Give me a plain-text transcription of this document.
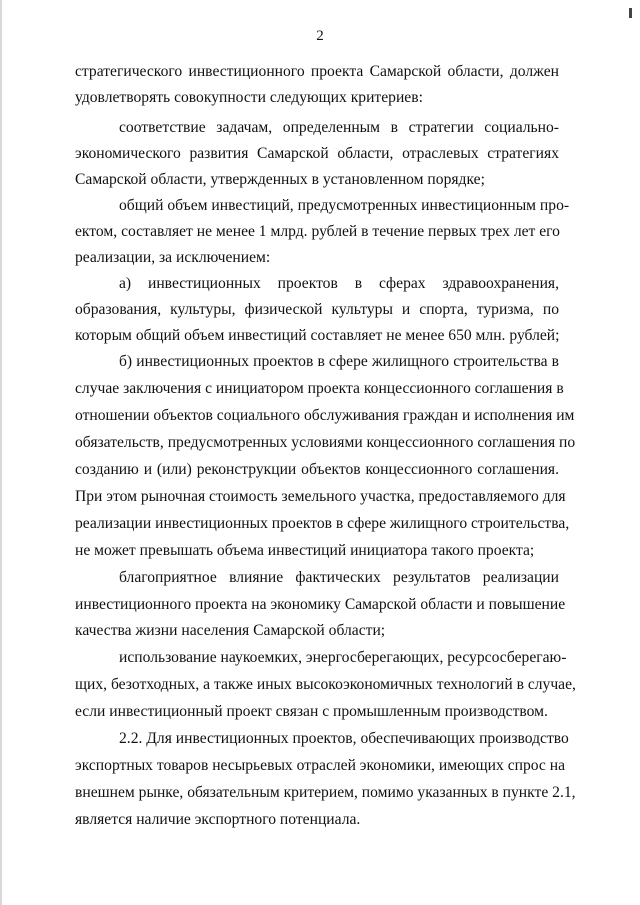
2
стратегического инвестиционного проекта Самарской области, должен
удовлетворять совокупности следующих критериев:
соответствие задачам, определенным в стратегии социально-
экономического развития Самарской области, отраслевых стратегиях
Самарской области, утвержденных в установленном порядке;
общий объем инвестиций, предусмотренных инвестиционным про-
ектом, составляет не менее 1 млрд. рублей в течение первых трех лет его
реализации, за исключением:
а) инвестиционных проектов в сферах здравоохранения,
образования, культуры, физической культуры и спорта, туризма, по
которым общий объем инвестиций составляет не менее 650 млн. рублей;
б) инвестиционных проектов в сфере жилищного строительства в
случае заключения с инициатором проекта концессионного соглашения в
отношении объектов социального обслуживания граждан и исполнения им
обязательств, предусмотренных условиями концессионного соглашения по
созданию и (или) реконструкции объектов концессионного соглашения.
При этом рыночная стоимость земельного участка, предоставляемого для
реализации инвестиционных проектов в сфере жилищного строительства,
не может превышать объема инвестиций инициатора такого проекта;
благоприятное влияние фактических результатов реализации
инвестиционного проекта на экономику Самарской области и повышение
качества жизни населения Самарской области;
использование наукоемких, энергосберегающих, ресурсосберегаю-
щих, безотходных, а также иных высокоэкономичных технологий в случае,
если инвестиционный проект связан с промышленным производством.
2.2. Для инвестиционных проектов, обеспечивающих производство
экспортных товаров несырьевых отраслей экономики, имеющих спрос на
внешнем рынке, обязательным критерием, помимо указанных в пункте 2.1,
является наличие экспортного потенциала.
